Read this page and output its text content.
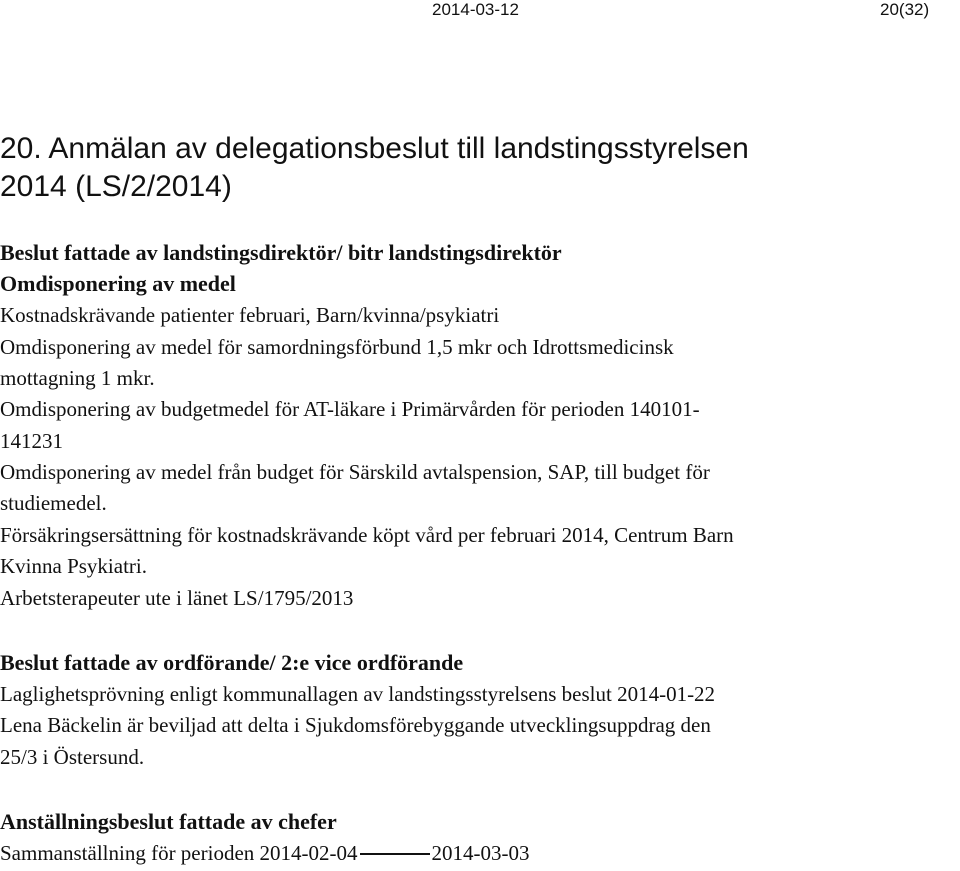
2014-03-12	20(32)
20. Anmälan av delegationsbeslut till landstingsstyrelsen
2014 (LS/2/2014)
Beslut fattade av landstingsdirektör/ bitr landstingsdirektör
Omdisponering av medel
Kostnadskrävande patienter februari, Barn/kvinna/psykiatri
Omdisponering av medel för samordningsförbund 1,5 mkr och Idrottsmedicinsk
mottagning 1 mkr.
Omdisponering av budgetmedel för AT-läkare i Primärvården för perioden 140101-
141231
Omdisponering av medel från budget för Särskild avtalspension, SAP, till budget för
studiemedel.
Försäkringsersättning för kostnadskrävande köpt vård per februari 2014, Centrum Barn
Kvinna Psykiatri.
Arbetsterapeuter ute i länet LS/1795/2013
Beslut fattade av ordförande/ 2:e vice ordförande
Laglighetsprövning enligt kommunallagen av landstingsstyrelsens beslut 2014-01-22
Lena Bäckelin är beviljad att delta i Sjukdomsförebyggande utvecklingsuppdrag den
25/3 i Östersund.
Anställningsbeslut fattade av chefer
Sammanställning för perioden 2014-02-04	2014-03-03
